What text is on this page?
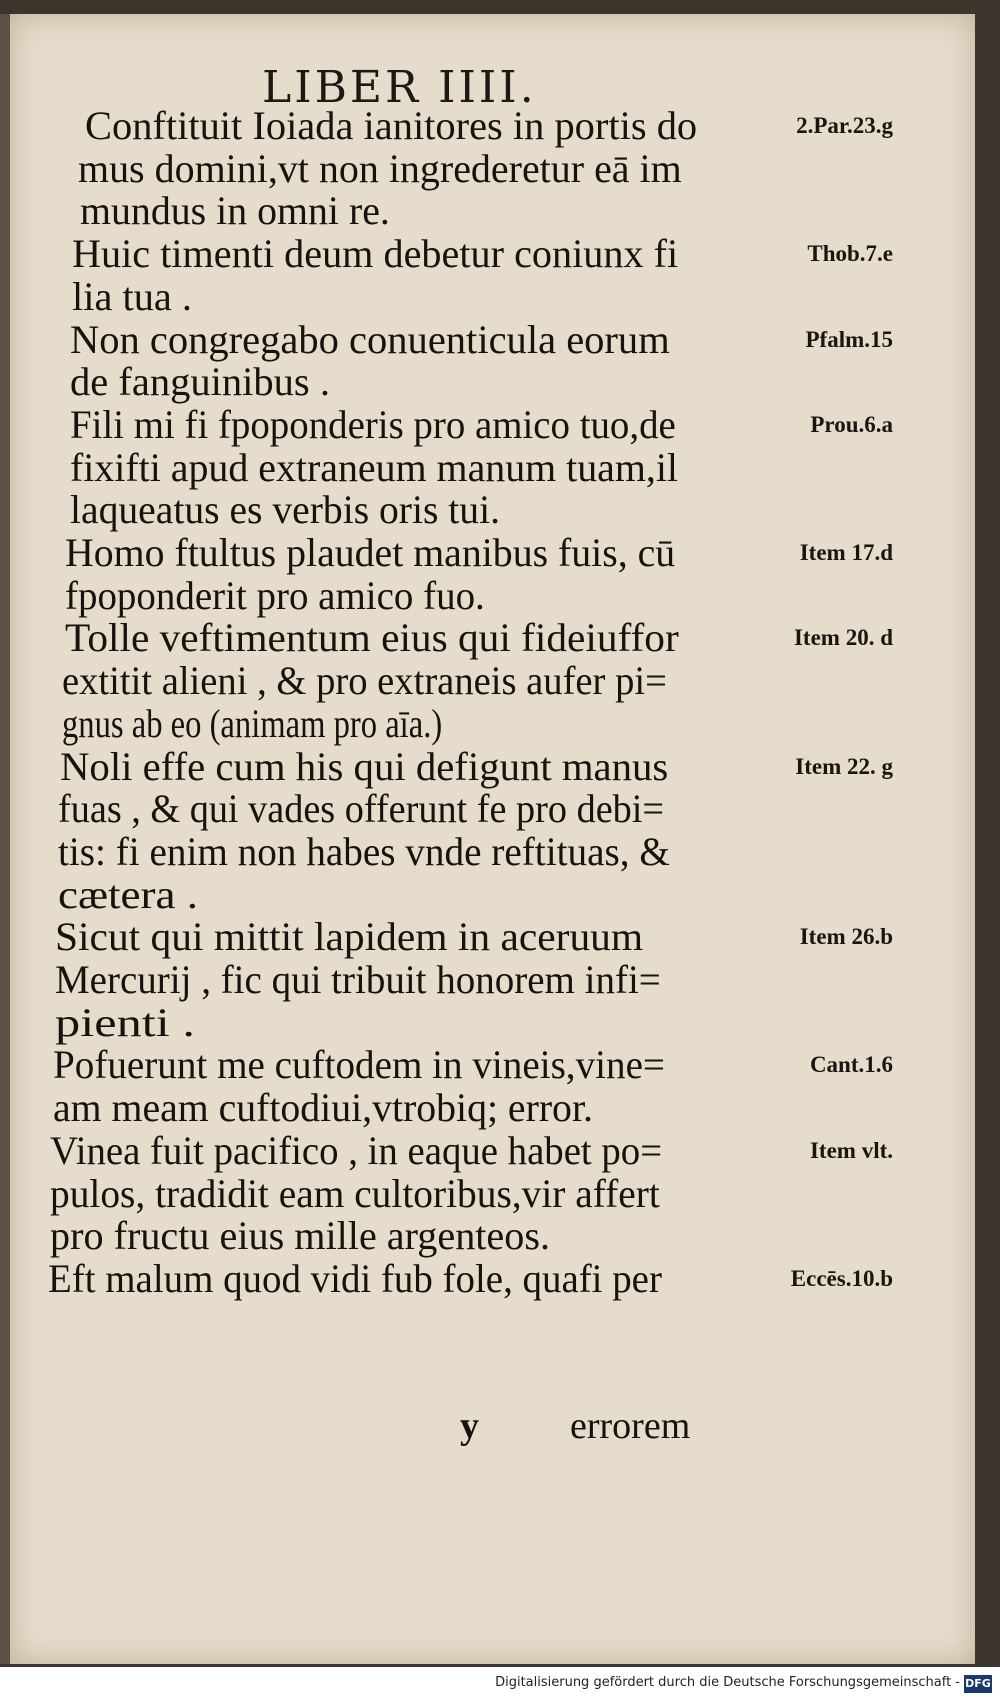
LIBER IIII.
Conftituit Ioiada ianitores in portis do	2.Par.23.g
mus domini,vt non ingrederetur eā im
mundus in omni re.
Huic timenti deum debetur coniunx fi	Thob.7.e
lia tua .
Non congregabo conuenticula eorum	Pfalm.15
de fanguinibus .
Fili mi fi fpoponderis pro amico tuo,de	Prou.6.a
fixifti apud extraneum manum tuam,il
laqueatus es verbis oris tui.
Homo ftultus plaudet manibus fuis, cū	Item 17.d
fpoponderit pro amico fuo.
Tolle veftimentum eius qui fideiuffor	Item 20. d
extitit alieni , & pro extraneis aufer pi=
gnus ab eo (animam pro aīa.)
Noli effe cum his qui defigunt manus	Item 22. g
fuas , & qui vades offerunt fe pro debi=
tis: fi enim non habes vnde reftituas, &
cætera .
Sicut qui mittit lapidem in aceruum	Item 26.b
Mercurij , fic qui tribuit honorem infi=
pienti .
Pofuerunt me cuftodem in vineis,vine=	Cant.1.6
am meam cuftodiui,vtrobiq; error.
Vinea fuit pacifico , in eaque habet po=	Item vlt.
pulos, tradidit eam cultoribus,vir affert
pro fructu eius mille argenteos.
Eft malum quod vidi fub fole, quafi per	Eccēs.10.b
y errorem
Digitalisierung gefördert durch die Deutsche Forschungsgemeinschaft - DFG
